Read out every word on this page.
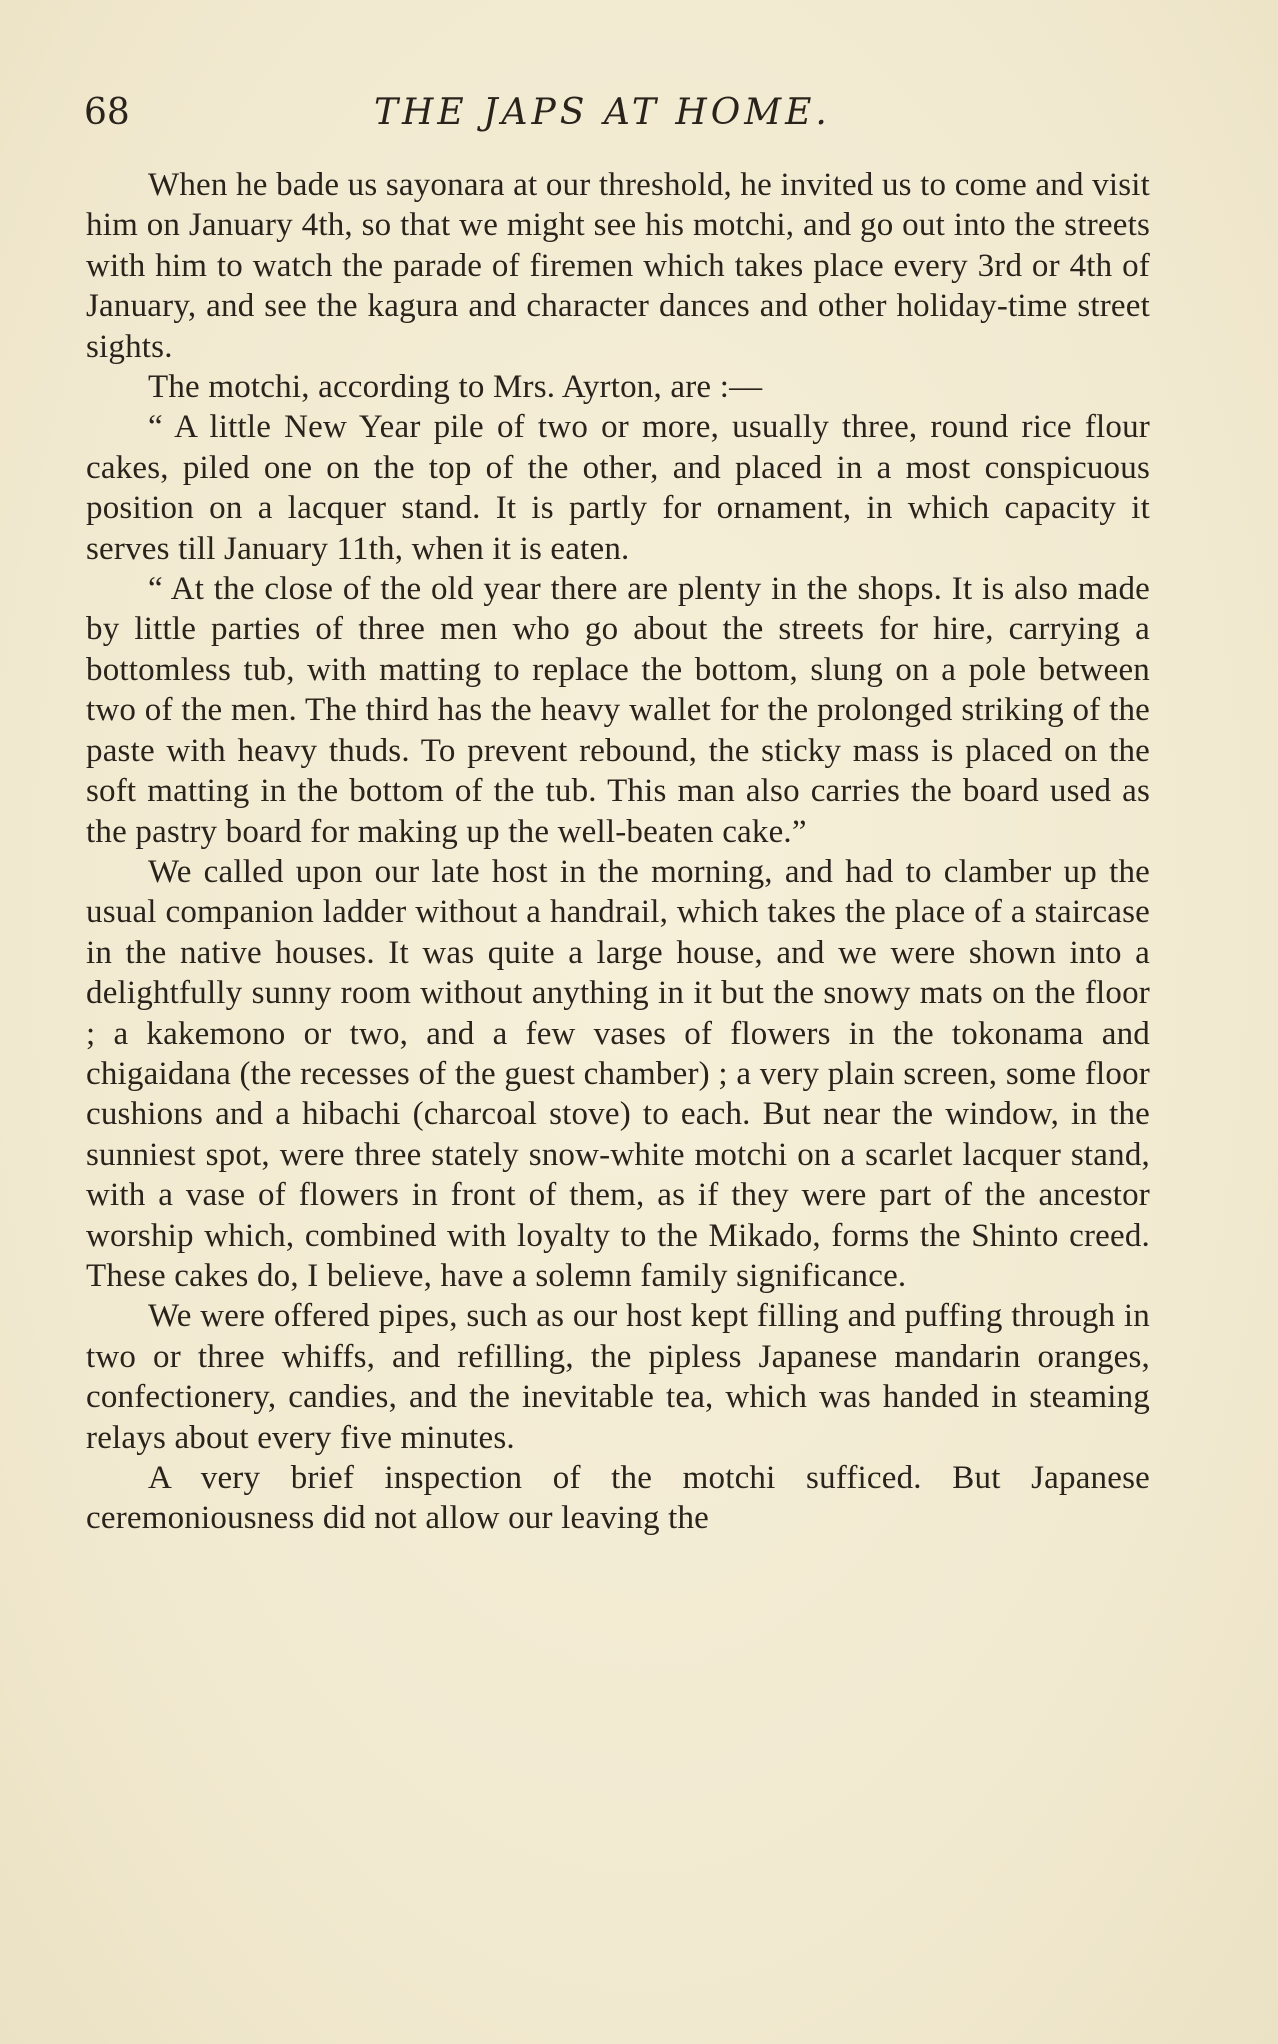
68	THE JAPS AT HOME.

When he bade us sayonara at our threshold, he invited us to come and visit him on January 4th, so that we might see his motchi, and go out into the streets with him to watch the parade of firemen which takes place every 3rd or 4th of January, and see the kagura and character dances and other holiday-time street sights.

The motchi, according to Mrs. Ayrton, are :—

“ A little New Year pile of two or more, usually three, round rice flour cakes, piled one on the top of the other, and placed in a most conspicuous position on a lacquer stand. It is partly for ornament, in which capacity it serves till January 11th, when it is eaten.

“ At the close of the old year there are plenty in the shops. It is also made by little parties of three men who go about the streets for hire, carrying a bottomless tub, with matting to replace the bottom, slung on a pole between two of the men. The third has the heavy wallet for the prolonged striking of the paste with heavy thuds. To prevent rebound, the sticky mass is placed on the soft matting in the bottom of the tub. This man also carries the board used as the pastry board for making up the well-beaten cake.”

We called upon our late host in the morning, and had to clamber up the usual companion ladder without a handrail, which takes the place of a staircase in the native houses. It was quite a large house, and we were shown into a delightfully sunny room without anything in it but the snowy mats on the floor ; a kakemono or two, and a few vases of flowers in the tokonama and chigaidana (the recesses of the guest chamber) ; a very plain screen, some floor cushions and a hibachi (charcoal stove) to each. But near the window, in the sunniest spot, were three stately snow-white motchi on a scarlet lacquer stand, with a vase of flowers in front of them, as if they were part of the ancestor worship which, combined with loyalty to the Mikado, forms the Shinto creed. These cakes do, I believe, have a solemn family significance.

We were offered pipes, such as our host kept filling and puffing through in two or three whiffs, and refilling, the pipless Japanese mandarin oranges, confectionery, candies, and the inevitable tea, which was handed in steaming relays about every five minutes.

A very brief inspection of the motchi sufficed. But Japanese ceremoniousness did not allow our leaving the
